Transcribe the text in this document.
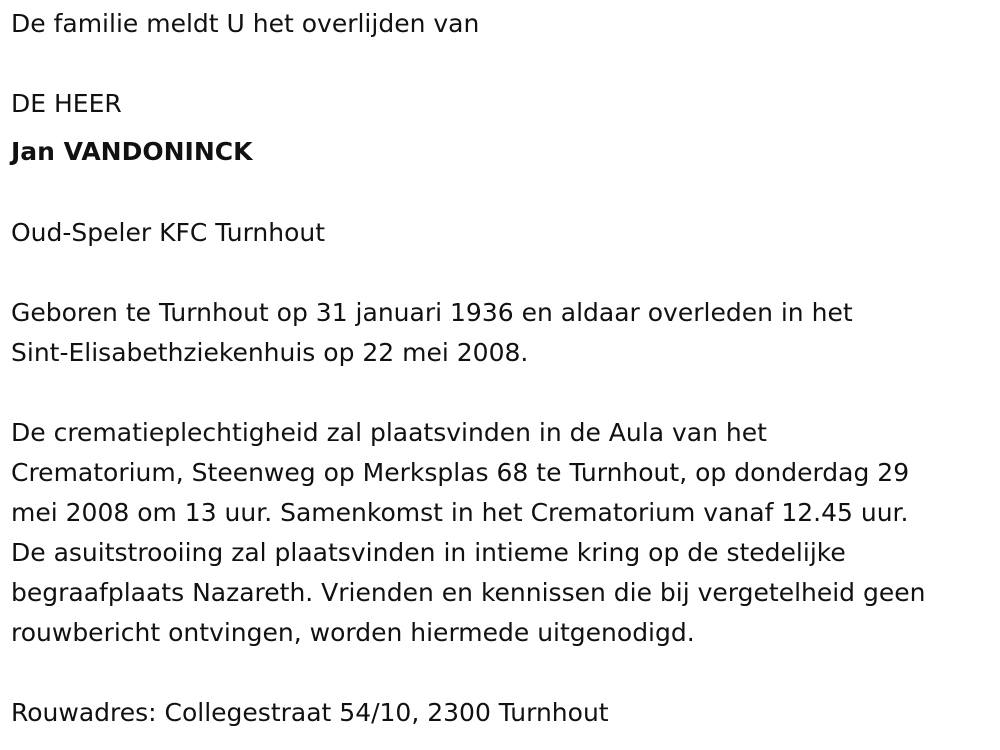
De familie meldt U het overlijden van
DE HEER
Jan VANDONINCK
Oud-Speler KFC Turnhout
Geboren te Turnhout op 31 januari 1936 en aldaar overleden in het
Sint-Elisabethziekenhuis op 22 mei 2008.
De crematieplechtigheid zal plaatsvinden in de Aula van het
Crematorium, Steenweg op Merksplas 68 te Turnhout, op donderdag 29
mei 2008 om 13 uur. Samenkomst in het Crematorium vanaf 12.45 uur.
De asuitstrooiing zal plaatsvinden in intieme kring op de stedelijke
begraafplaats Nazareth. Vrienden en kennissen die bij vergetelheid geen
rouwbericht ontvingen, worden hiermede uitgenodigd.
Rouwadres: Collegestraat 54/10, 2300 Turnhout
